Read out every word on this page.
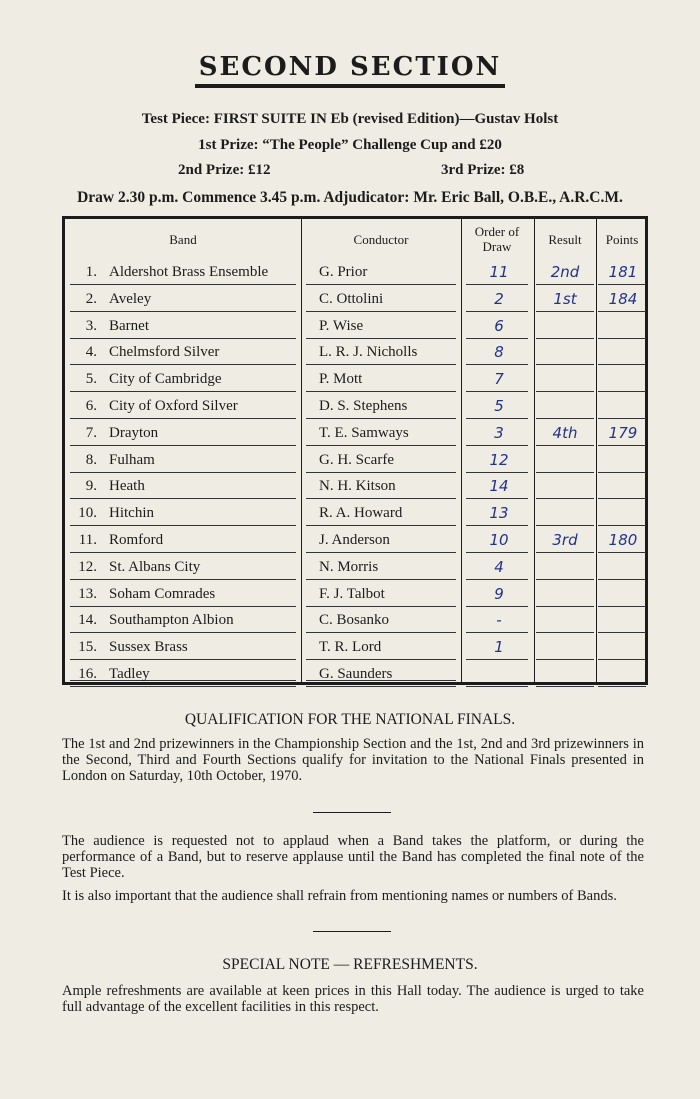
SECOND SECTION
Test Piece: FIRST SUITE IN Eb (revised Edition)—Gustav Holst
1st Prize: “The People” Challenge Cup and £20
2nd Prize: £12	3rd Prize: £8
Draw 2.30 p.m. Commence 3.45 p.m. Adjudicator: Mr. Eric Ball, O.B.E., A.R.C.M.
Band	Conductor	Order of Draw	Result	Points
1. Aldershot Brass Ensemble	G. Prior	11	2nd	181
2. Aveley	C. Ottolini	2	1st	184
3. Barnet	P. Wise	6
4. Chelmsford Silver	L. R. J. Nicholls	8
5. City of Cambridge	P. Mott	7
6. City of Oxford Silver	D. S. Stephens	5
7. Drayton	T. E. Samways	3	4th	179
8. Fulham	G. H. Scarfe	12
9. Heath	N. H. Kitson	14
10. Hitchin	R. A. Howard	13
11. Romford	J. Anderson	10	3rd	180
12. St. Albans City	N. Morris	4
13. Soham Comrades	F. J. Talbot	9
14. Southampton Albion	C. Bosanko	-
15. Sussex Brass	T. R. Lord	1
16. Tadley	G. Saunders
QUALIFICATION FOR THE NATIONAL FINALS.
The 1st and 2nd prizewinners in the Championship Section and the 1st, 2nd and 3rd prizewinners in the Second, Third and Fourth Sections qualify for invitation to the National Finals presented in London on Saturday, 10th October, 1970.
The audience is requested not to applaud when a Band takes the platform, or during the performance of a Band, but to reserve applause until the Band has completed the final note of the Test Piece.
It is also important that the audience shall refrain from mentioning names or numbers of Bands.
SPECIAL NOTE — REFRESHMENTS.
Ample refreshments are available at keen prices in this Hall today. The audience is urged to take full advantage of the excellent facilities in this respect.
